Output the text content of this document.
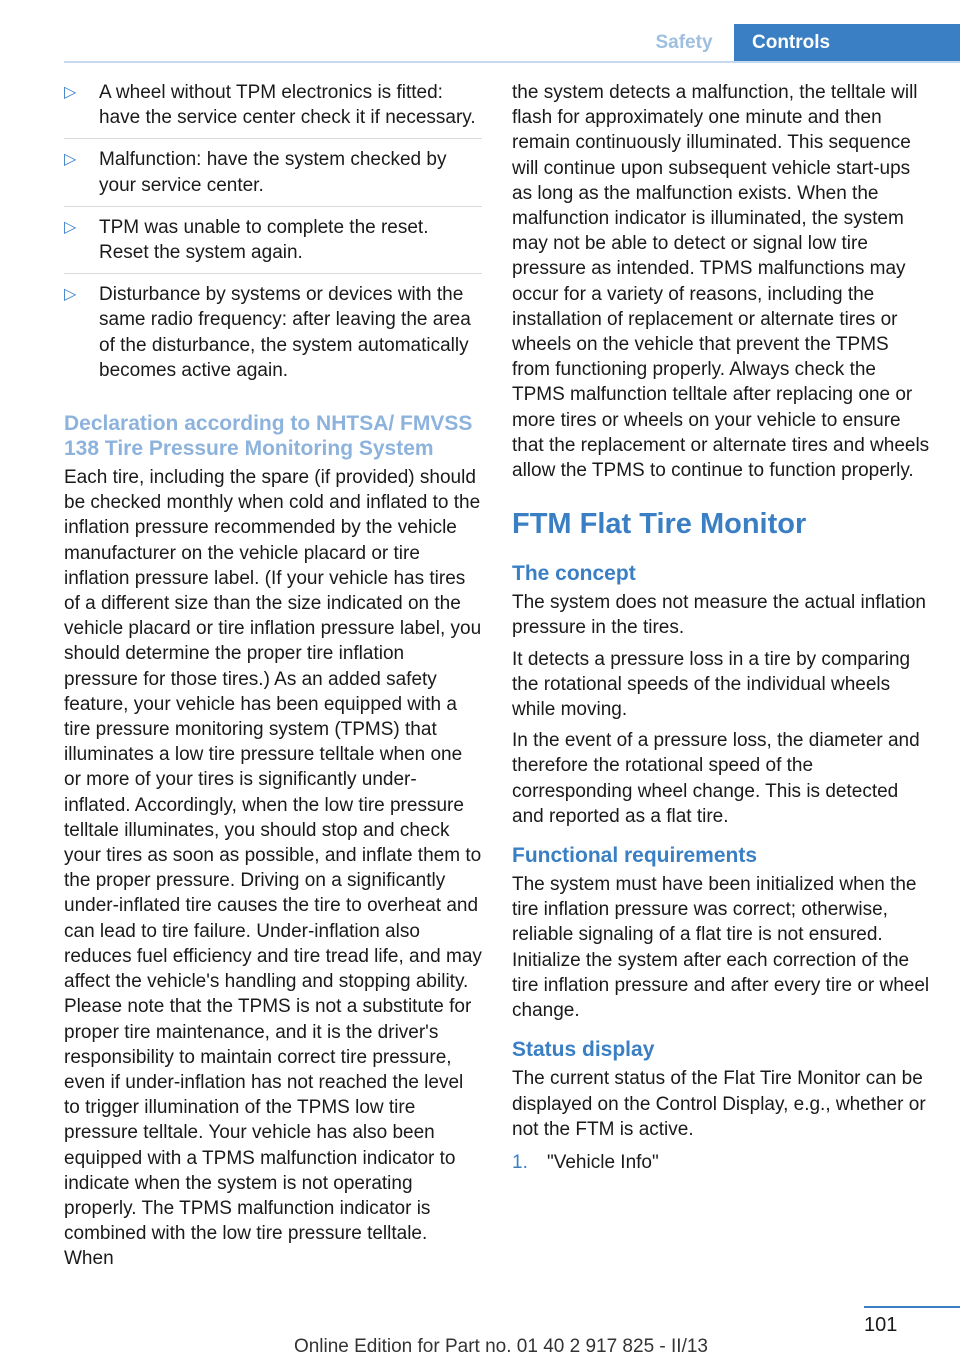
Safety	Controls
▷ A wheel without TPM electronics is fitted: have the service center check it if necessary.
▷ Malfunction: have the system checked by your service center.
▷ TPM was unable to complete the reset. Reset the system again.
▷ Disturbance by systems or devices with the same radio frequency: after leaving the area of the disturbance, the system automatically becomes active again.
Declaration according to NHTSA/ FMVSS 138 Tire Pressure Monitoring System

Each tire, including the spare (if provided) should be checked monthly when cold and inflated to the inflation pressure recommended by the vehicle manufacturer on the vehicle placard or tire inflation pressure label. (If your vehicle has tires of a different size than the size indicated on the vehicle placard or tire inflation pressure label, you should determine the proper tire inflation pressure for those tires.) As an added safety feature, your vehicle has been equipped with a tire pressure monitoring system (TPMS) that illuminates a low tire pressure telltale when one or more of your tires is significantly under-inflated. Accordingly, when the low tire pressure telltale illuminates, you should stop and check your tires as soon as possible, and inflate them to the proper pressure. Driving on a significantly under-inflated tire causes the tire to overheat and can lead to tire failure. Under-inflation also reduces fuel efficiency and tire tread life, and may affect the vehicle's handling and stopping ability. Please note that the TPMS is not a substitute for proper tire maintenance, and it is the driver's responsibility to maintain correct tire pressure, even if under-inflation has not reached the level to trigger illumination of the TPMS low tire pressure telltale. Your vehicle has also been equipped with a TPMS malfunction indicator to indicate when the system is not operating properly. The TPMS malfunction indicator is combined with the low tire pressure telltale. When

the system detects a malfunction, the telltale will flash for approximately one minute and then remain continuously illuminated. This sequence will continue upon subsequent vehicle start-ups as long as the malfunction exists. When the malfunction indicator is illuminated, the system may not be able to detect or signal low tire pressure as intended. TPMS malfunctions may occur for a variety of reasons, including the installation of replacement or alternate tires or wheels on the vehicle that prevent the TPMS from functioning properly. Always check the TPMS malfunction telltale after replacing one or more tires or wheels on your vehicle to ensure that the replacement or alternate tires and wheels allow the TPMS to continue to function properly.

FTM Flat Tire Monitor
The concept

The system does not measure the actual inflation pressure in the tires.

It detects a pressure loss in a tire by comparing the rotational speeds of the individual wheels while moving.

In the event of a pressure loss, the diameter and therefore the rotational speed of the corresponding wheel change. This is detected and reported as a flat tire.

Functional requirements

The system must have been initialized when the tire inflation pressure was correct; otherwise, reliable signaling of a flat tire is not ensured. Initialize the system after each correction of the tire inflation pressure and after every tire or wheel change.

Status display

The current status of the Flat Tire Monitor can be displayed on the Control Display, e.g., whether or not the FTM is active.

1. "Vehicle Info"
101
Online Edition for Part no. 01 40 2 917 825 - II/13
